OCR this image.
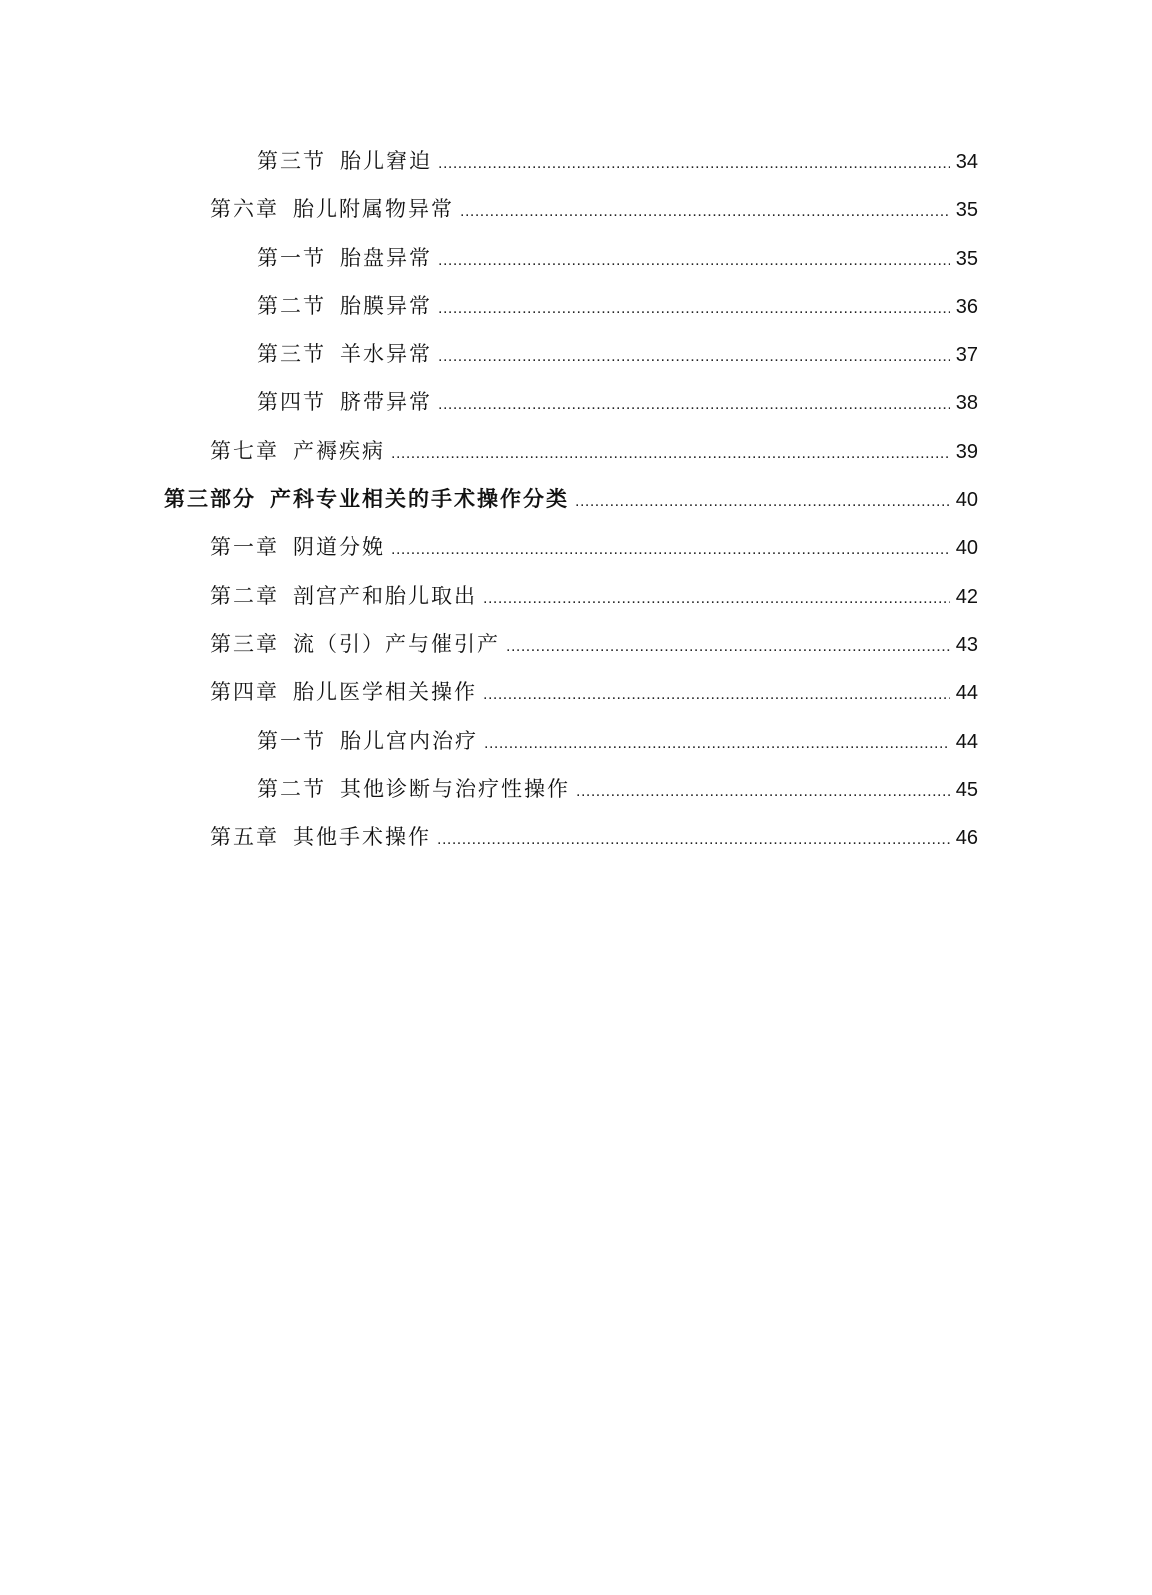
第三节 胎儿窘迫 .....	34
第六章 胎儿附属物异常 .....	35
第一节 胎盘异常 .....	35
第二节 胎膜异常 .....	36
第三节 羊水异常 .....	37
第四节 脐带异常 .....	38
第七章 产褥疾病 .....	39
第三部分 产科专业相关的手术操作分类 .....	40
第一章 阴道分娩 .....	40
第二章 剖宫产和胎儿取出 .....	42
第三章 流（引）产与催引产 .....	43
第四章 胎儿医学相关操作 .....	44
第一节 胎儿宫内治疗 .....	44
第二节 其他诊断与治疗性操作 .....	45
第五章 其他手术操作 .....	46
